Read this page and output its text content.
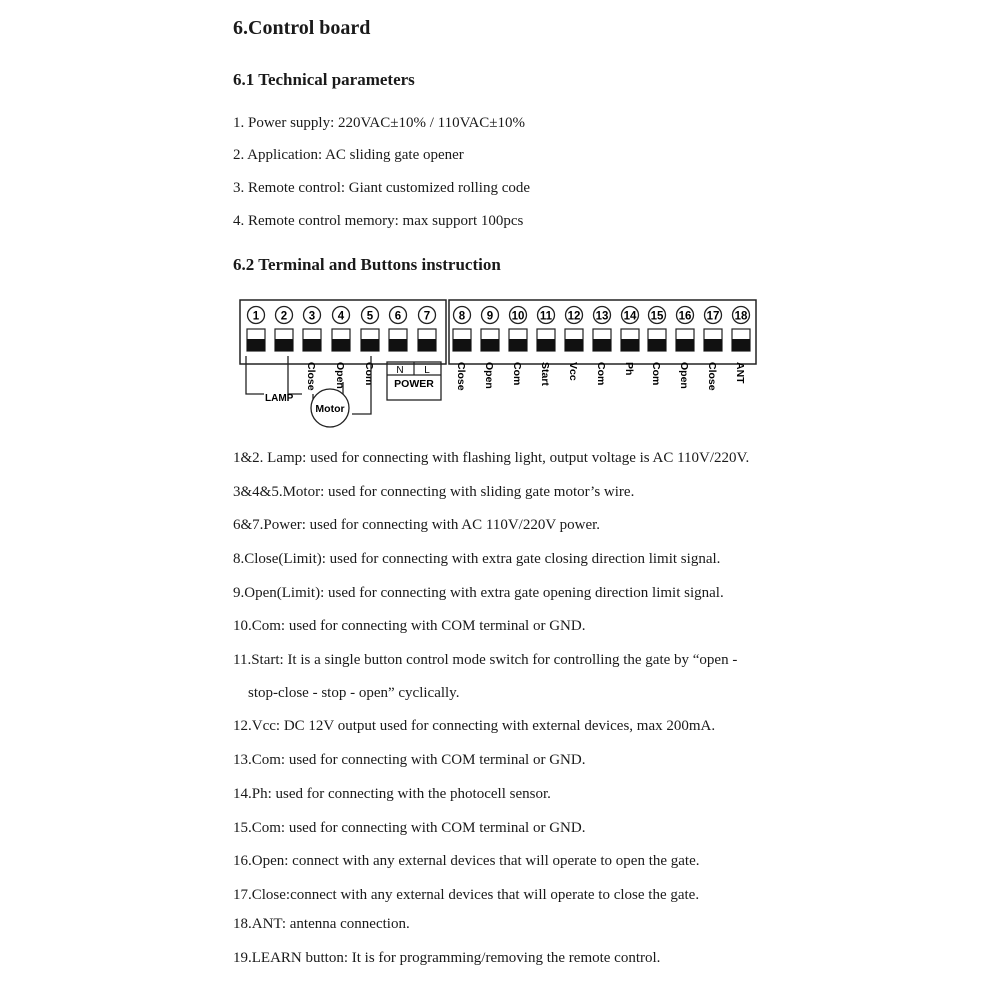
6.Control board
6.1 Technical parameters
1. Power supply: 220VAC±10% / 110VAC±10%
2. Application: AC sliding gate opener
3. Remote control: Giant customized rolling code
4. Remote control memory: max support 100pcs
6.2 Terminal and Buttons instruction
1 2 3 4 5 6 7 8 9 10 11 12 13 14 15 16 17 18
Close Open Com	Close Open Com Start Vcc Com Ph Com Open Close ANT
LAMP
Motor
N L
POWER
1&2. Lamp: used for connecting with flashing light, output voltage is AC 110V/220V.
3&4&5.Motor: used for connecting with sliding gate motor’s wire.
6&7.Power: used for connecting with AC 110V/220V power.
8.Close(Limit): used for connecting with extra gate closing direction limit signal.
9.Open(Limit): used for connecting with extra gate opening direction limit signal.
10.Com: used for connecting with COM terminal or GND.
11.Start: It is a single button control mode switch for controlling the gate by “open -
stop-close - stop - open” cyclically.
12.Vcc: DC 12V output used for connecting with external devices, max 200mA.
13.Com: used for connecting with COM terminal or GND.
14.Ph: used for connecting with the photocell sensor.
15.Com: used for connecting with COM terminal or GND.
16.Open: connect with any external devices that will operate to open the gate.
17.Close:connect with any external devices that will operate to close the gate.
18.ANT: antenna connection.
19.LEARN button: It is for programming/removing the remote control.
